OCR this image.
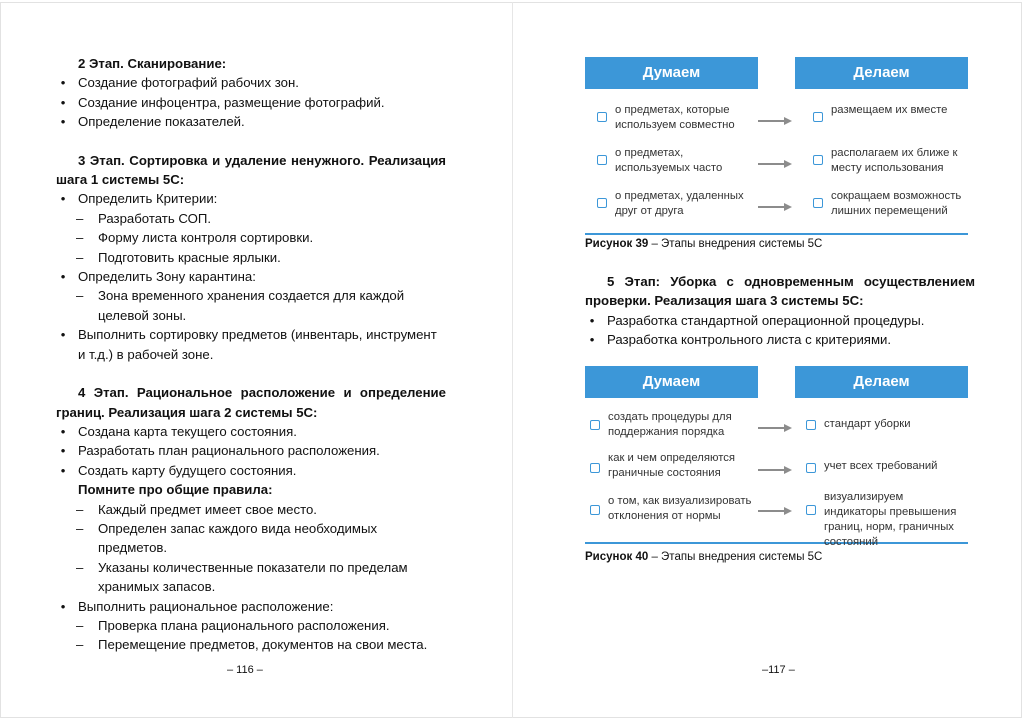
2 Этап. Сканирование:
• Создание фотографий рабочих зон.
• Создание инфоцентра, размещение фотографий.
• Определение показателей.
3 Этап. Сортировка и удаление ненужного. Реализация шага 1 системы 5С:
• Определить Критерии:
– Разработать СОП.
– Форму листа контроля сортировки.
– Подготовить красные ярлыки.
• Определить Зону карантина:
– Зона временного хранения создается для каждой целевой зоны.
• Выполнить сортировку предметов (инвентарь, инструмент и т.д.) в рабочей зоне.
4 Этап. Рациональное расположение и определение границ. Реализация шага 2 системы 5С:
• Создана карта текущего состояния.
• Разработать план рационального расположения.
• Создать карту будущего состояния.
Помните про общие правила:
– Каждый предмет имеет свое место.
– Определен запас каждого вида необходимых предметов.
– Указаны количественные показатели по пределам хранимых запасов.
• Выполнить рациональное расположение:
– Проверка плана рационального расположения.
– Перемещение предметов, документов на свои места.
– 116 –
Думаем	Делаем
о предметах, которые используем совместно
размещаем их вместе
о предметах, используемых часто
располагаем их ближе к месту использования
о предметах, удаленных друг от друга
сокращаем возможность лишних перемещений
Рисунок 39 – Этапы внедрения системы 5С
5 Этап: Уборка с одновременным осуществлением проверки. Реализация шага 3 системы 5С:
• Разработка стандартной операционной процедуры.
• Разработка контрольного листа с критериями.
Думаем	Делаем
создать процедуры для поддержания порядка
стандарт уборки
как и чем определяются граничные состояния
учет всех требований
о том, как визуализировать отклонения от нормы
визуализируем индикаторы превышения границ, норм, граничных состояний
Рисунок 40 – Этапы внедрения системы 5С
–117 –
